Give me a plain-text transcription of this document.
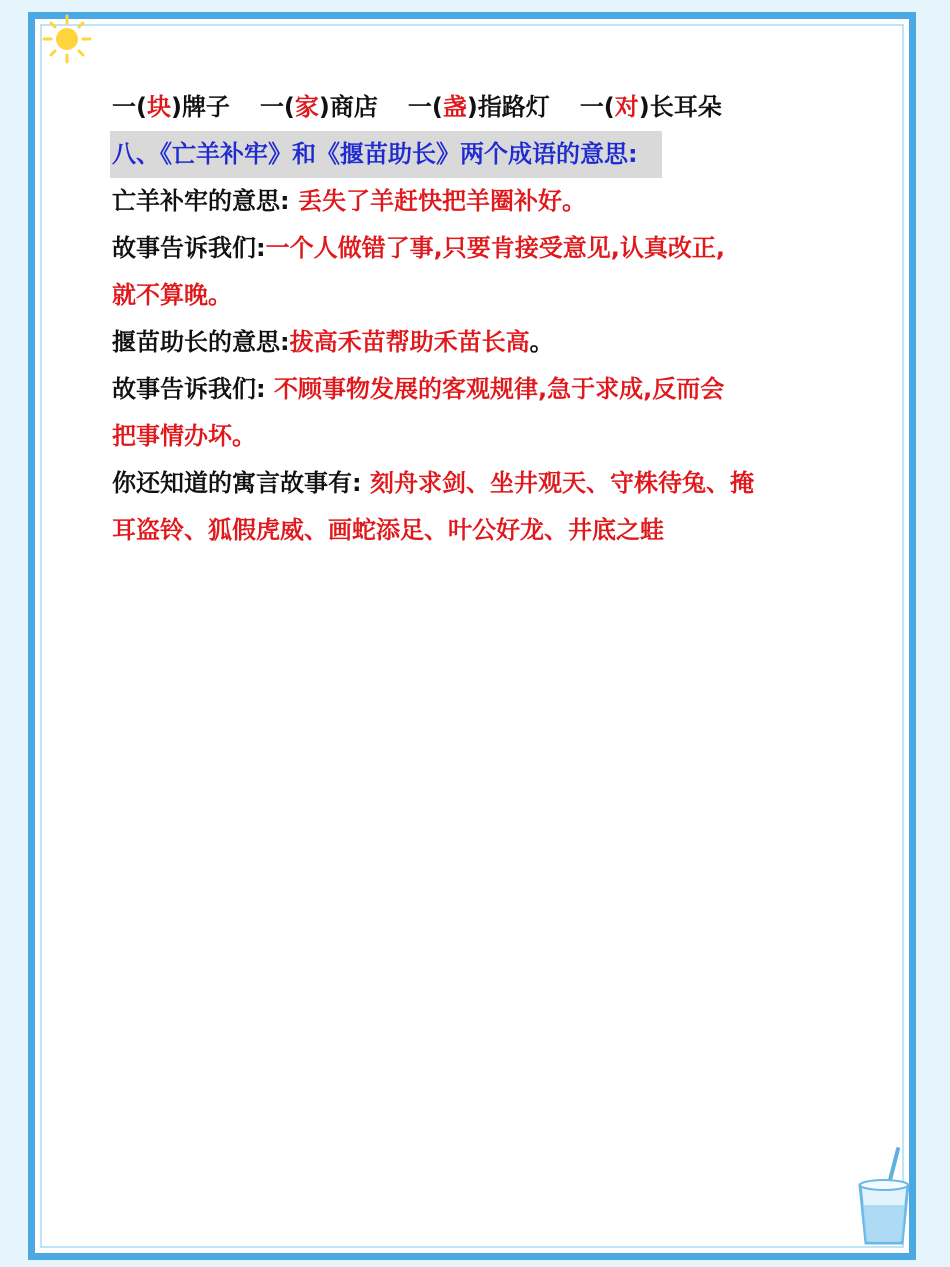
一(块)牌子 一(家)商店 一(盏)指路灯 一(对)长耳朵
八、《亡羊补牢》和《揠苗助长》两个成语的意思:
亡羊补牢的意思: 丢失了羊赶快把羊圈补好。
故事告诉我们:一个人做错了事,只要肯接受意见,认真改正,
就不算晚。
揠苗助长的意思:拔高禾苗帮助禾苗长高。
故事告诉我们: 不顾事物发展的客观规律,急于求成,反而会
把事情办坏。
你还知道的寓言故事有: 刻舟求剑、坐井观天、守株待兔、掩
耳盗铃、狐假虎威、画蛇添足、叶公好龙、井底之蛙
